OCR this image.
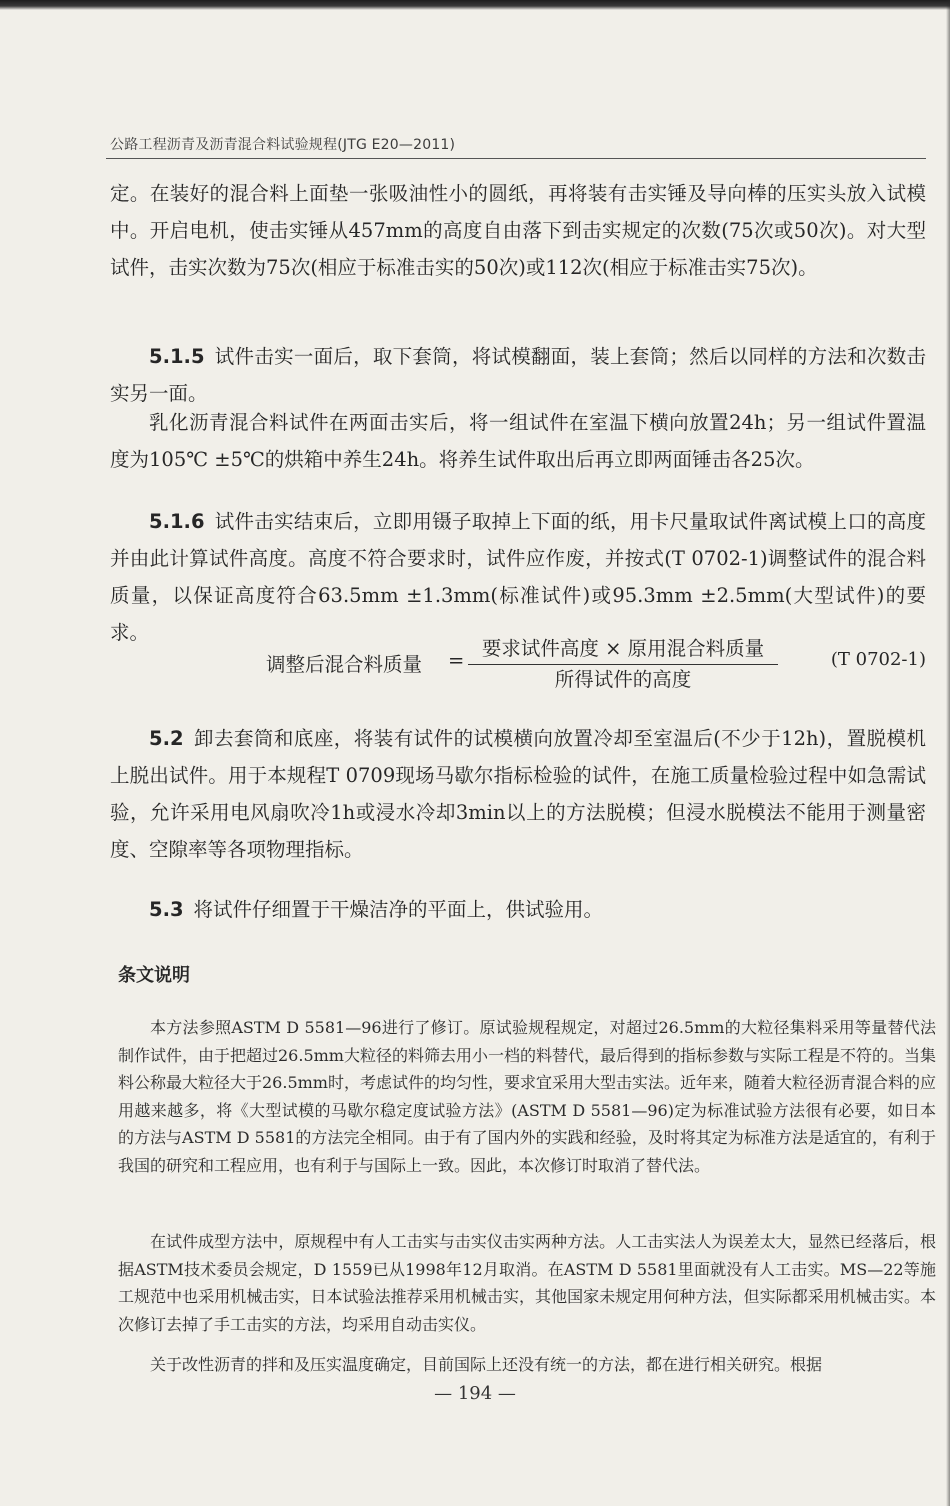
公路工程沥青及沥青混合料试验规程(JTG E20—2011)
定。在装好的混合料上面垫一张吸油性小的圆纸，再将装有击实锤及导向棒的压实头放入试模中。开启电机，使击实锤从457mm的高度自由落下到击实规定的次数(75次或50次)。对大型试件，击实次数为75次(相应于标准击实的50次)或112次(相应于标准击实75次)。
5.1.5 试件击实一面后，取下套筒，将试模翻面，装上套筒；然后以同样的方法和次数击实另一面。
乳化沥青混合料试件在两面击实后，将一组试件在室温下横向放置24h；另一组试件置温度为105℃ ±5℃的烘箱中养生24h。将养生试件取出后再立即两面锤击各25次。
5.1.6 试件击实结束后，立即用镊子取掉上下面的纸，用卡尺量取试件离试模上口的高度并由此计算试件高度。高度不符合要求时，试件应作废，并按式(T 0702-1)调整试件的混合料质量，以保证高度符合63.5mm ±1.3mm(标准试件)或95.3mm ±2.5mm(大型试件)的要求。
调整后混合料质量 =
要求试件高度 × 原用混合料质量
所得试件的高度
(T 0702-1)
5.2 卸去套筒和底座，将装有试件的试模横向放置冷却至室温后(不少于12h)，置脱模机上脱出试件。用于本规程T 0709现场马歇尔指标检验的试件，在施工质量检验过程中如急需试验，允许采用电风扇吹冷1h或浸水冷却3min以上的方法脱模；但浸水脱模法不能用于测量密度、空隙率等各项物理指标。
5.3 将试件仔细置于干燥洁净的平面上，供试验用。
条文说明
本方法参照ASTM D 5581—96进行了修订。原试验规程规定，对超过26.5mm的大粒径集料采用等量替代法制作试件，由于把超过26.5mm大粒径的料筛去用小一档的料替代，最后得到的指标参数与实际工程是不符的。当集料公称最大粒径大于26.5mm时，考虑试件的均匀性，要求宜采用大型击实法。近年来，随着大粒径沥青混合料的应用越来越多，将《大型试模的马歇尔稳定度试验方法》(ASTM D 5581—96)定为标准试验方法很有必要，如日本的方法与ASTM D 5581的方法完全相同。由于有了国内外的实践和经验，及时将其定为标准方法是适宜的，有利于我国的研究和工程应用，也有利于与国际上一致。因此，本次修订时取消了替代法。
在试件成型方法中，原规程中有人工击实与击实仪击实两种方法。人工击实法人为误差太大，显然已经落后，根据ASTM技术委员会规定，D 1559已从1998年12月取消。在ASTM D 5581里面就没有人工击实。MS—22等施工规范中也采用机械击实，日本试验法推荐采用机械击实，其他国家未规定用何种方法，但实际都采用机械击实。本次修订去掉了手工击实的方法，均采用自动击实仪。
关于改性沥青的拌和及压实温度确定，目前国际上还没有统一的方法，都在进行相关研究。根据
— 194 —
